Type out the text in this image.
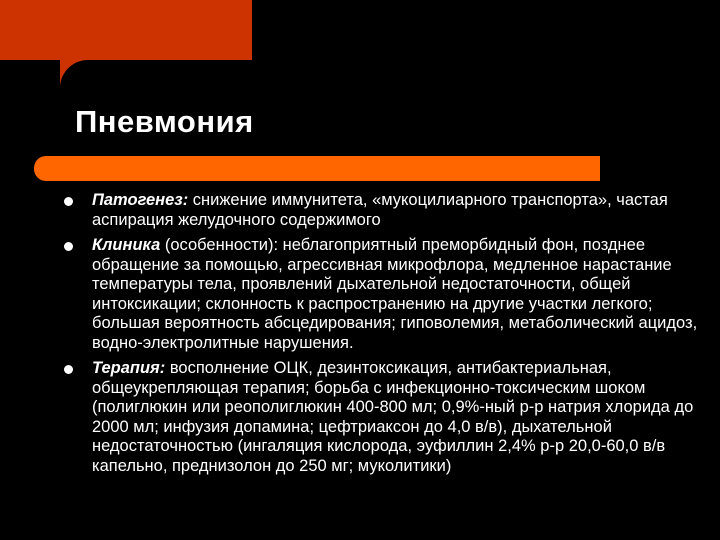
Пневмония
Патогенез: снижение иммунитета, «мукоцилиарного транспорта», частая аспирация желудочного содержимого
Клиника (особенности): неблагоприятный преморбидный фон, позднее обращение за помощью, агрессивная микрофлора, медленное нарастание температуры тела, проявлений дыхательной недостаточности, общей интоксикации; склонность к распространению на другие участки легкого; большая вероятность абсцедирования; гиповолемия, метаболический ацидоз, водно-электролитные нарушения.
Терапия: восполнение ОЦК, дезинтоксикация, антибактериальная, общеукрепляющая терапия; борьба с инфекционно-токсическим шоком (полиглюкин или реополиглюкин 400-800 мл; 0,9%-ный р-р натрия хлорида до 2000 мл; инфузия допамина; цефтриаксон до 4,0 в/в), дыхательной недостаточностью (ингаляция кислорода, эуфиллин 2,4% р-р 20,0-60,0 в/в капельно, преднизолон до 250 мг; муколитики)
